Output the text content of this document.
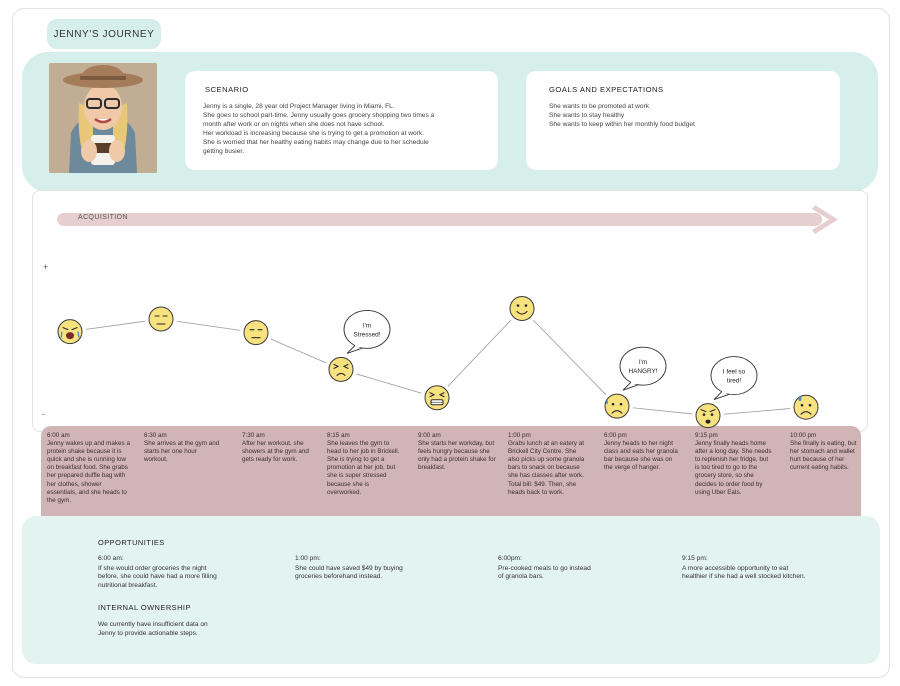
JENNY'S JOURNEY
SCENARIO

Jenny is a single, 28 year old Project Manager living in Miami, FL.

She goes to school part-time. Jenny usually goes grocery shopping two times a

month after work or on nights when she does not have school.

Her workload is increasing because she is trying to get a promotion at work.

She is worried that her healthy eating habits may change due to her schedule

getting busier.

GOALS AND EXPECTATIONS

She wants to be promoted at work

She wants to stay healthy

She wants to keep within her monthly food budget

I'm
Stressed!
I'm
HANGRY!	I feel so
tired!
ACQUISITION
+
-
6:00 am
Jenny wakes up and makes a protein shake because it is quick and she is running low on breakfast food. She grabs her prepared duffle bag with her clothes, shower essentials, and she heads to the gym.
6:30 am
She arrives at the gym and starts her one hour workout.
7:30 am
After her workout, she showers at the gym and gets ready for work.
8:15 am
She leaves the gym to head to her job in Brickell. She is trying to get a promotion at her job, but she is super stressed because she is overworked.
9:00 am
She starts her workday, but feels hungry because she only had a protein shake for breakfast.
1:00 pm
Grabs lunch at an eatery at Brickell City Centre. She also picks up some granola bars to snack on because she has classes after work. Total bill: $49. Then, she heads back to work.
6:00 pm
Jenny heads to her night class and eats her granola bar because she was on the verge of hanger.
9:15 pm
Jenny finally heads home after a long day. She needs to replenish her fridge, but is too tired to go to the grocery store, so she decides to order food by using Uber Eats.
10:00 pm
She finally is eating, but her stomach and wallet hurt because of her current eating habits.
OPPORTUNITIES
6:00 am:
If she would order groceries the night before, she could have had a more filling nutritional breakfast.
1:00 pm:
She could have saved $49 by buying groceries beforehand instead.
6:00pm:
Pre-cooked meals to go instead of granola bars.
9:15 pm:
A more accessible opportunity to eat healthier if she had a well stocked kitchen.
INTERNAL OWNERSHIP
We currently have insufficient data on Jenny to provide actionable steps.
